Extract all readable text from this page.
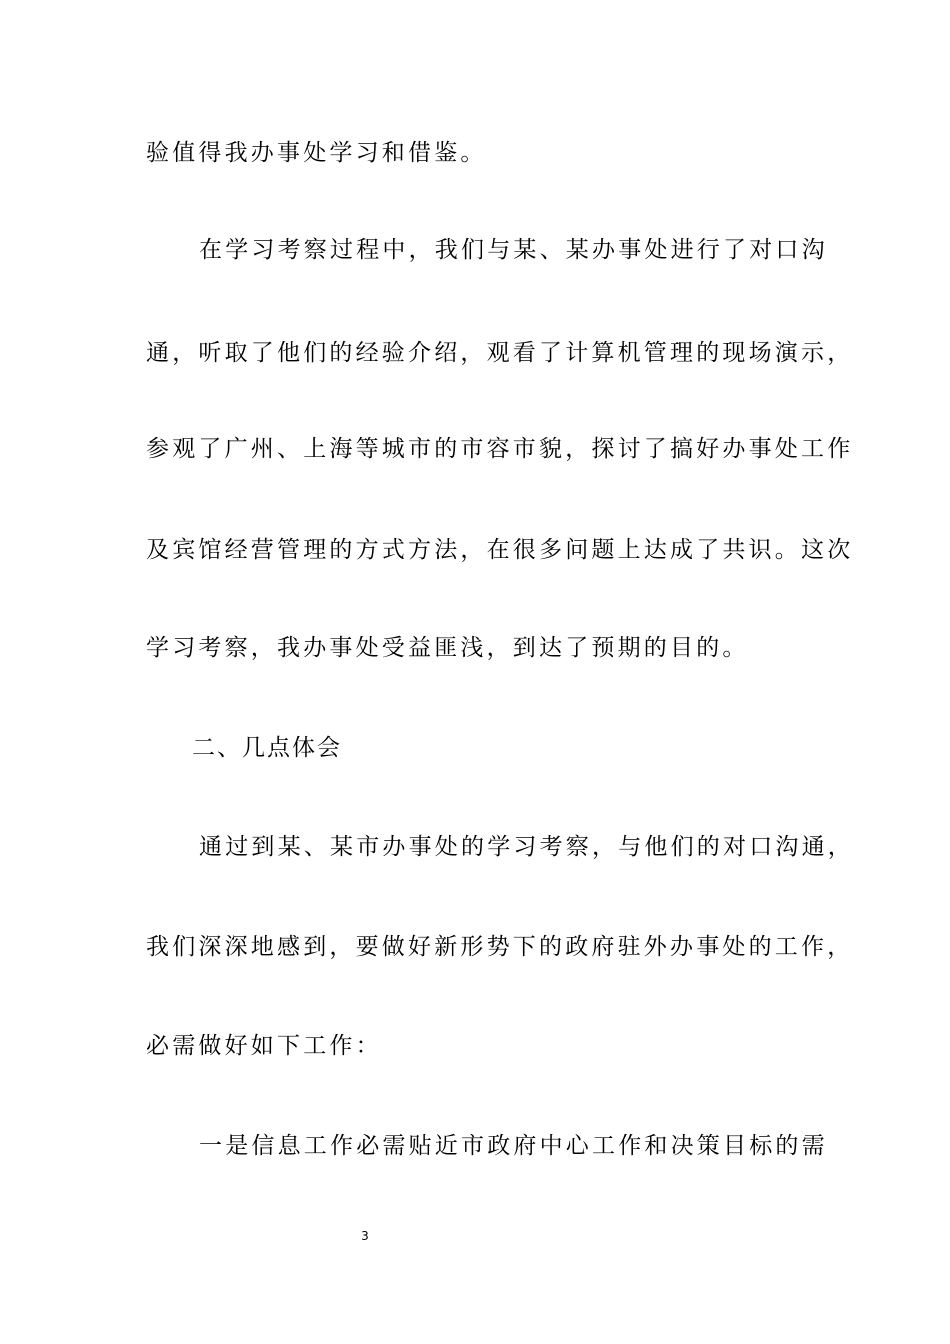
验值得我办事处学习和借鉴。
在学习考察过程中，我们与某、某办事处进行了对口沟
通，听取了他们的经验介绍，观看了计算机管理的现场演示，
参观了广州、上海等城市的市容市貌，探讨了搞好办事处工作
及宾馆经营管理的方式方法，在很多问题上达成了共识。这次
学习考察，我办事处受益匪浅，到达了预期的目的。
二、几点体会
通过到某、某市办事处的学习考察，与他们的对口沟通，
我们深深地感到，要做好新形势下的政府驻外办事处的工作，
必需做好如下工作：
一是信息工作必需贴近市政府中心工作和决策目标的需
3
